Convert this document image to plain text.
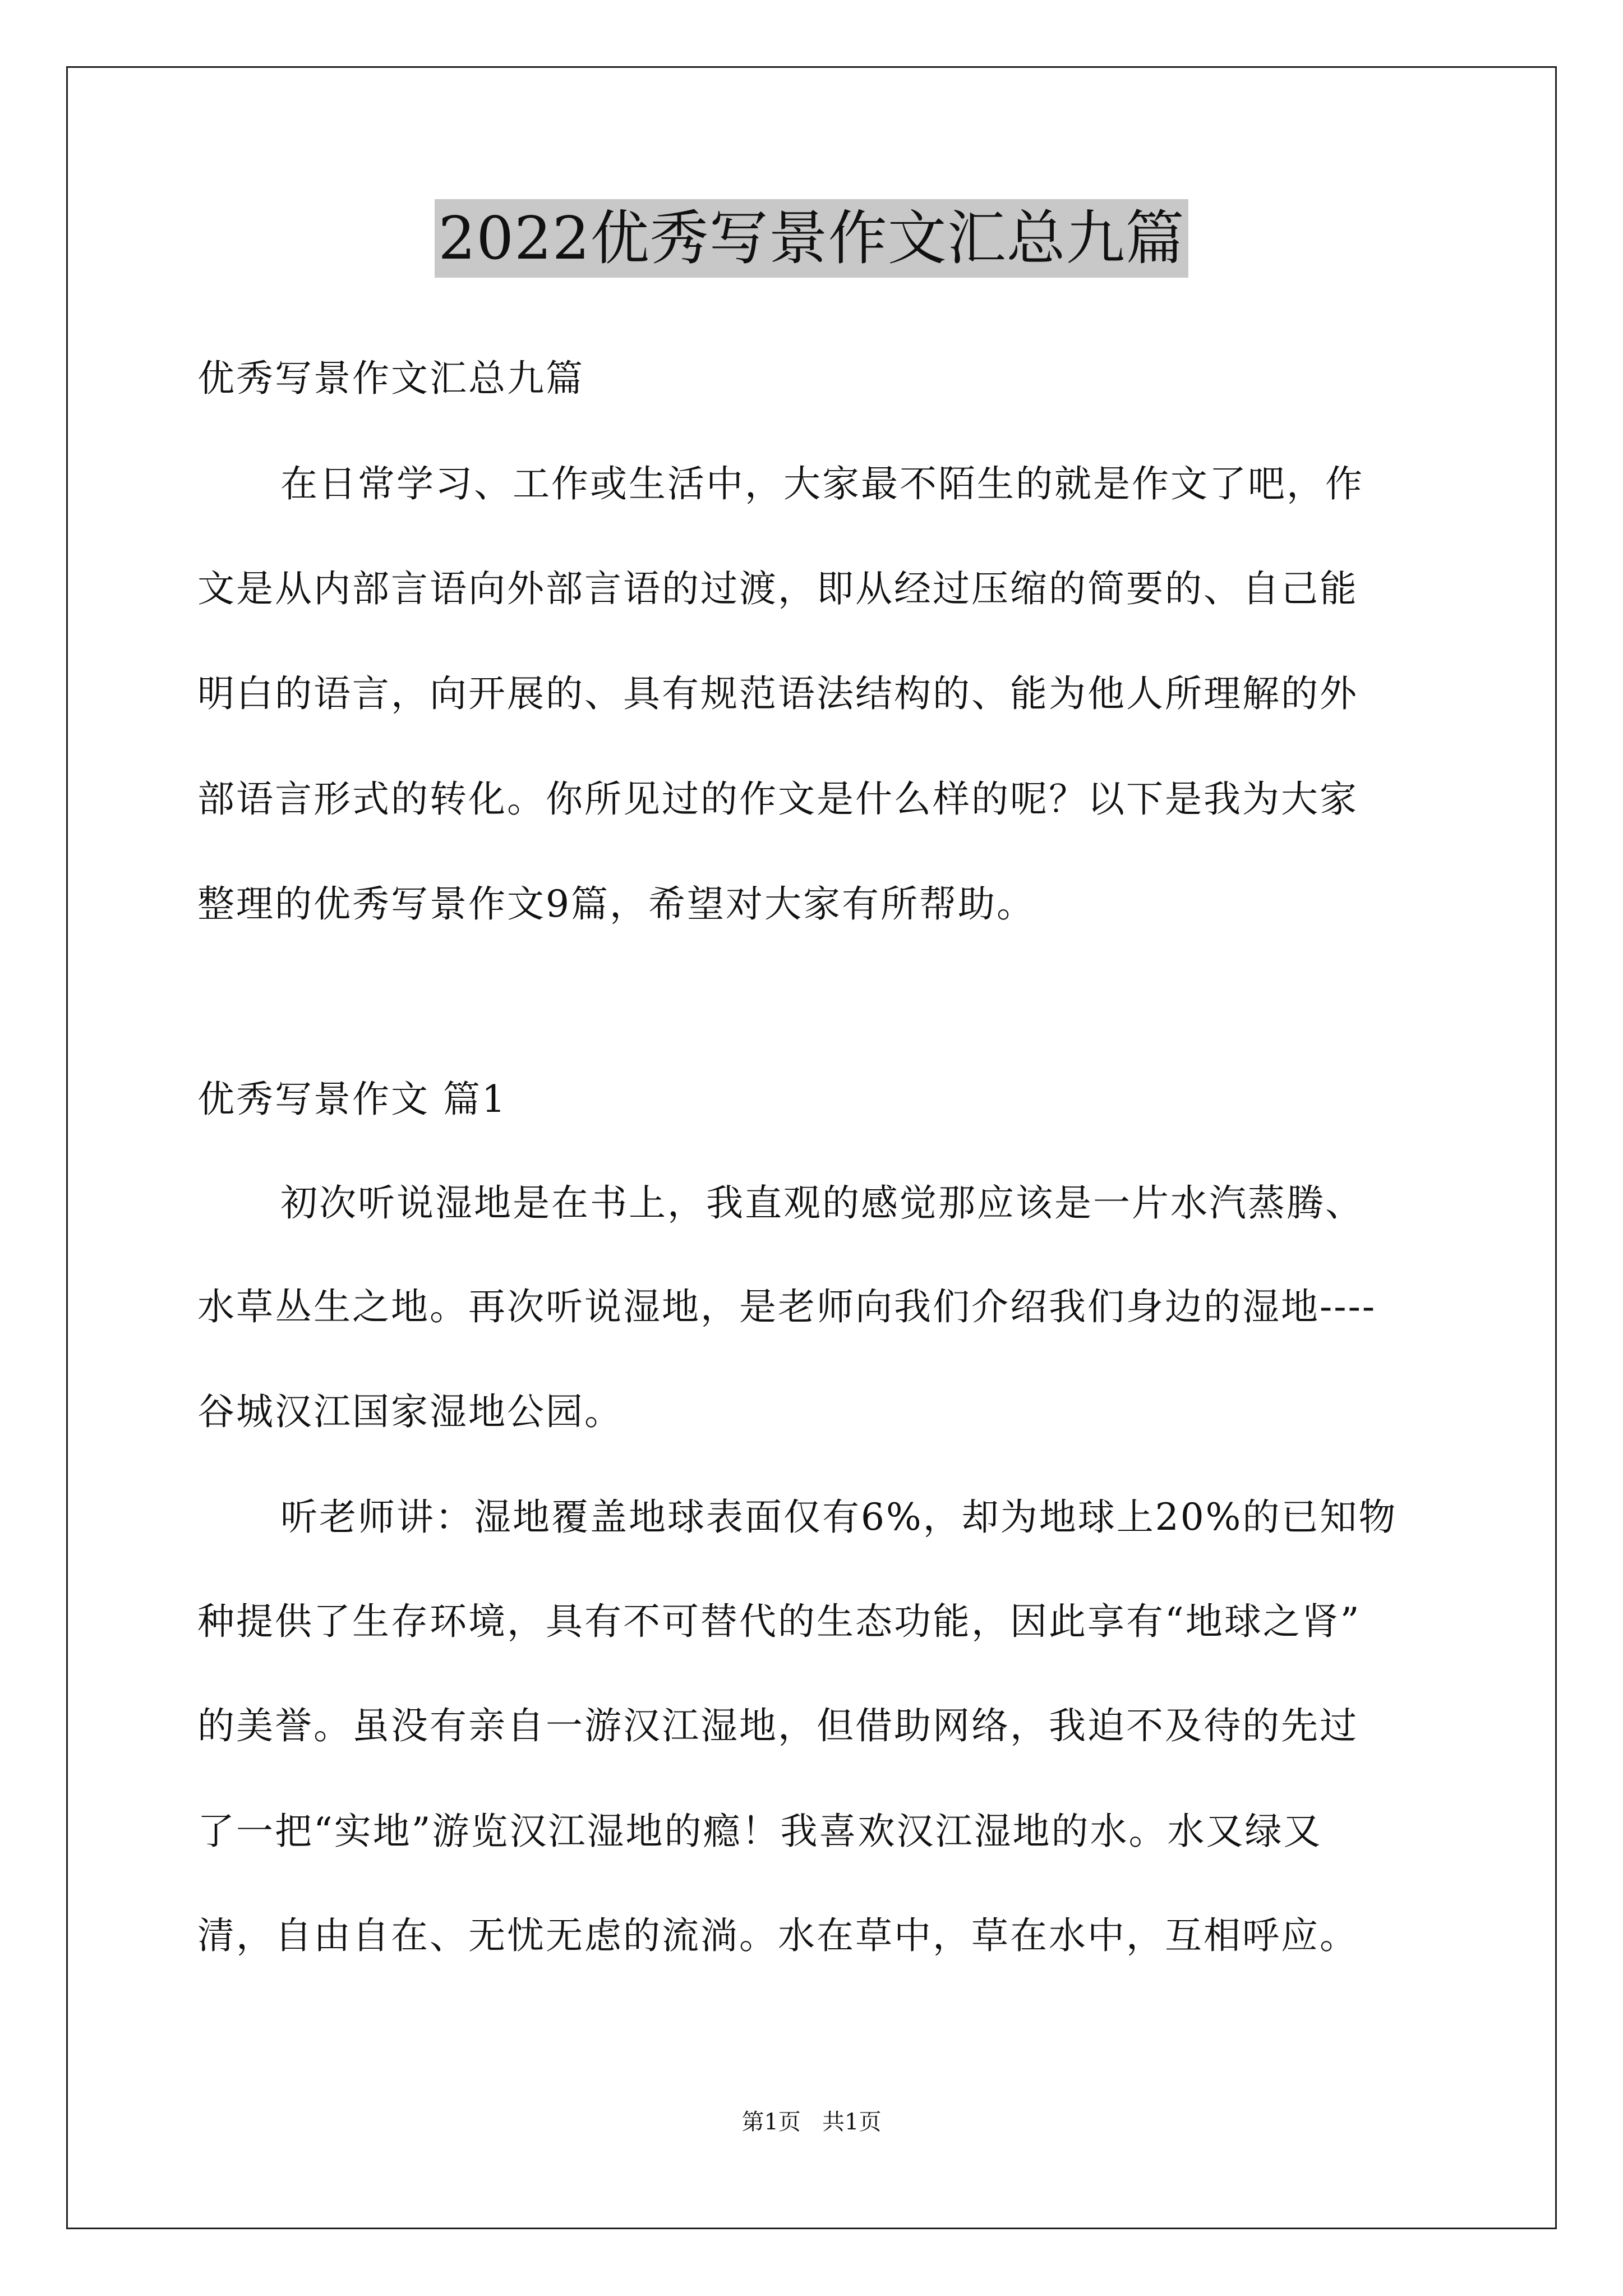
2022优秀写景作文汇总九篇
优秀写景作文汇总九篇
在日常学习、工作或生活中，大家最不陌生的就是作文了吧，作
文是从内部言语向外部言语的过渡，即从经过压缩的简要的、自己能
明白的语言，向开展的、具有规范语法结构的、能为他人所理解的外
部语言形式的转化。你所见过的作文是什么样的呢？以下是我为大家
整理的优秀写景作文9篇，希望对大家有所帮助。
优秀写景作文 篇1
初次听说湿地是在书上，我直观的感觉那应该是一片水汽蒸腾、
水草丛生之地。再次听说湿地，是老师向我们介绍我们身边的湿地----
谷城汉江国家湿地公园。
听老师讲：湿地覆盖地球表面仅有6%，却为地球上20%的已知物
种提供了生存环境，具有不可替代的生态功能，因此享有“地球之肾”
的美誉。虽没有亲自一游汉江湿地，但借助网络，我迫不及待的先过
了一把“实地”游览汉江湿地的瘾！我喜欢汉江湿地的水。水又绿又
清，自由自在、无忧无虑的流淌。水在草中，草在水中，互相呼应。
第1页   共1页
